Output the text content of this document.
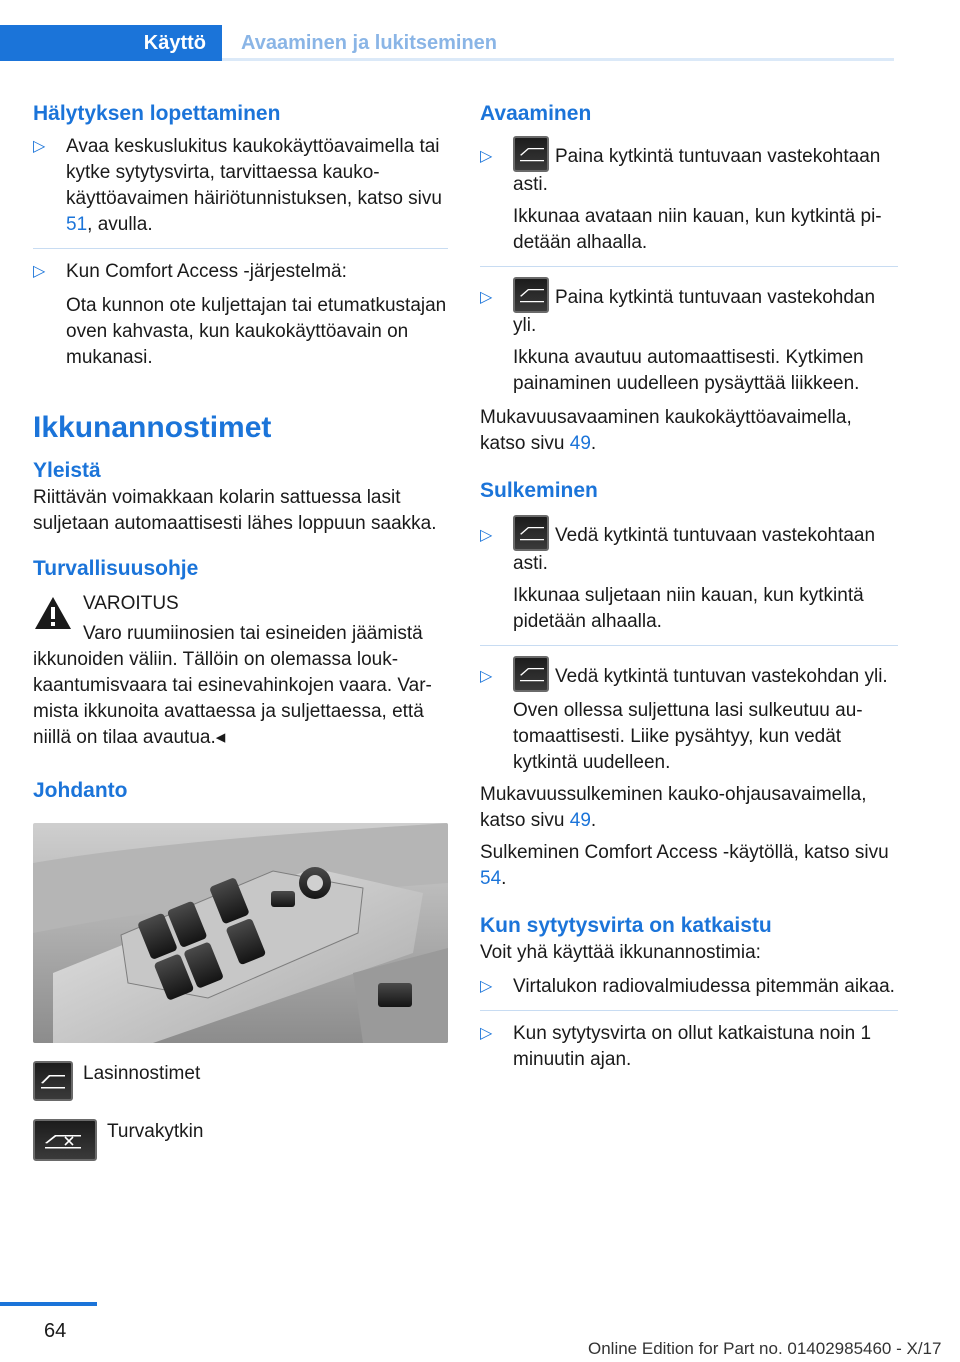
Käyttö Avaaminen ja lukitseminen
Hälytyksen lopettaminen
▷ Avaa keskuslukitus kaukokäyttöavaimella tai kytke sytytysvirta, tarvittaessa kaukokäyttöavaimen häiriötunnistuksen, katso sivu 51, avulla.
▷ Kun Comfort Access -järjestelmä:

Ota kunnon ote kuljettajan tai etumatkustajan oven kahvasta, kun kaukokäyttöavain on mukanasi.

Ikkunannostimet
Yleistä

Riittävän voimakkaan kolarin sattuessa lasit suljetaan automaattisesti lähes loppuun saakka.

Turvallisuusohje
VAROITUS

Varo ruumiinosien tai esineiden jäämistä ikkunoiden väliin. Tällöin on olemassa loukkaantumisvaara tai esinevahinkojen vaara. Varmista ikkunoita avattaessa ja suljettaessa, että niillä on tilaa avautua.◂

Johdanto
Lasinnostimet
Turvakytkin
Avaaminen
▷	Paina kytkintä tuntuvaan vastekohtaan asti.

Ikkunaa avataan niin kauan, kun kytkintä pidetään alhaalla.

▷	Paina kytkintä tuntuvaan vastekohdan yli.

Ikkuna avautuu automaattisesti. Kytkimen painaminen uudelleen pysäyttää liikkeen.

Mukavuusavaaminen kaukokäyttöavaimella, katso sivu 49.

Sulkeminen
▷	Vedä kytkintä tuntuvaan vastekohtaan asti.

Ikkunaa suljetaan niin kauan, kun kytkintä pidetään alhaalla.

▷	Vedä kytkintä tuntuvan vastekohdan yli.

Oven ollessa suljettuna lasi sulkeutuu automaattisesti. Liike pysähtyy, kun vedät kytkintä uudelleen.

Mukavuussulkeminen kauko-ohjausavaimella, katso sivu 49.

Sulkeminen Comfort Access -käytöllä, katso sivu 54.

Kun sytytysvirta on katkaistu

Voit yhä käyttää ikkunannostimia:

▷ Virtalukon radiovalmiudessa pitemmän aikaa.
▷ Kun sytytysvirta on ollut katkaistuna noin 1 minuutin ajan.
64
Online Edition for Part no. 01402985460 - X/17
